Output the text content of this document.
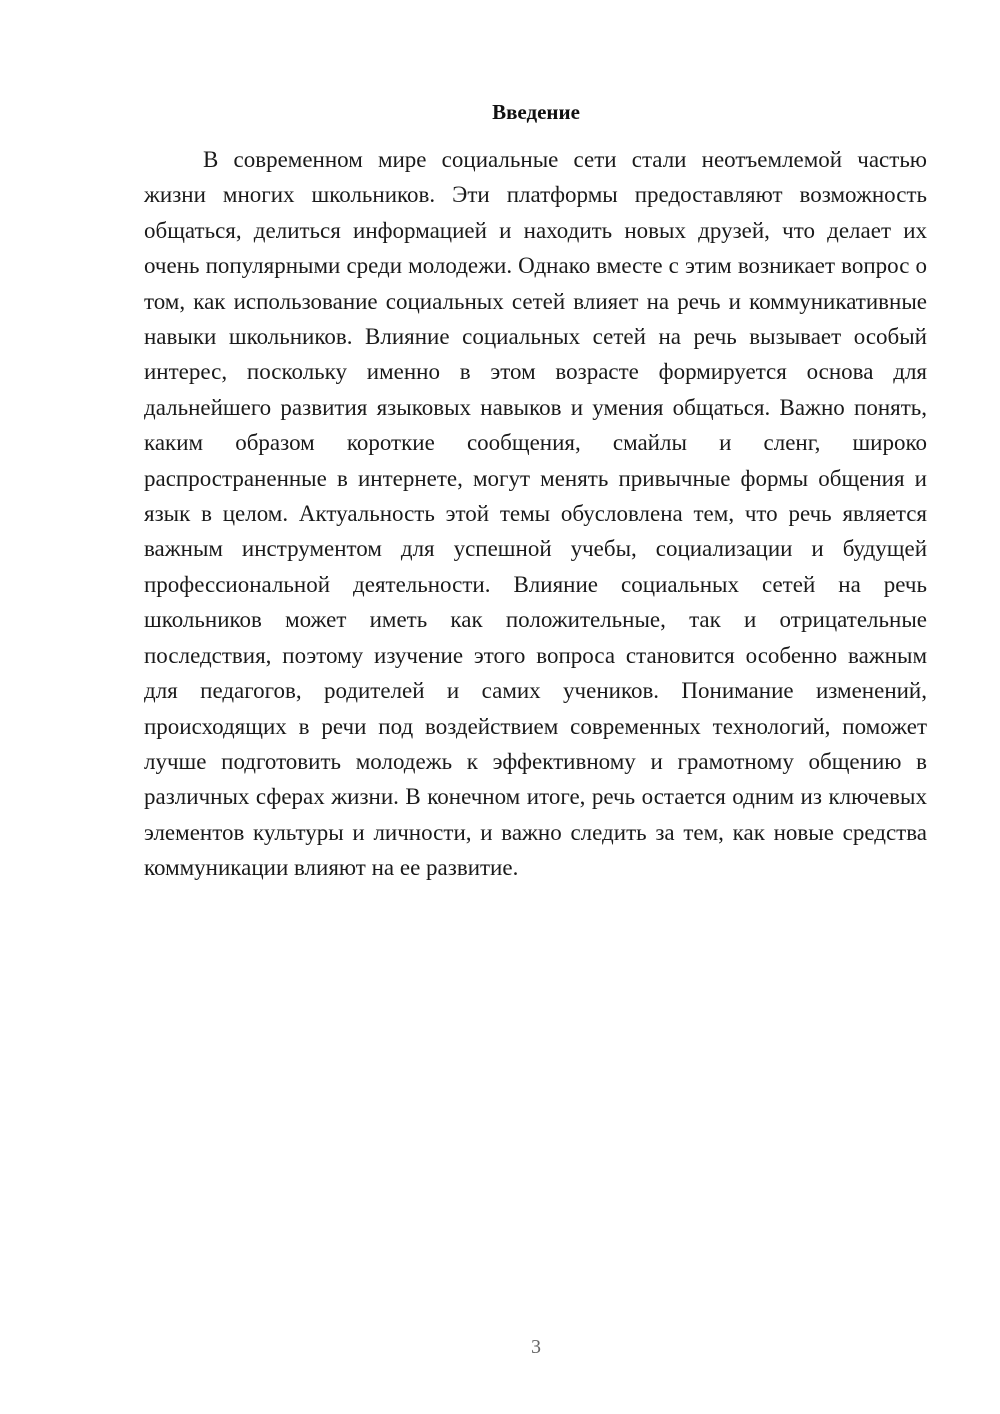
Введение

В современном мире социальные сети стали неотъемлемой частью жизни многих школьников. Эти платформы предоставляют возможность общаться, делиться информацией и находить новых друзей, что делает их очень популярными среди молодежи. Однако вместе с этим возникает вопрос о том, как использование социальных сетей влияет на речь и коммуникативные навыки школьников. Влияние социальных сетей на речь вызывает особый интерес, поскольку именно в этом возрасте формируется основа для дальнейшего развития языковых навыков и умения общаться. Важно понять, каким образом короткие сообщения, смайлы и сленг, широко распространенные в интернете, могут менять привычные формы общения и язык в целом. Актуальность этой темы обусловлена тем, что речь является важным инструментом для успешной учебы, социализации и будущей профессиональной деятельности. Влияние социальных сетей на речь школьников может иметь как положительные, так и отрицательные последствия, поэтому изучение этого вопроса становится особенно важным для педагогов, родителей и самих учеников. Понимание изменений, происходящих в речи под воздействием современных технологий, поможет лучше подготовить молодежь к эффективному и грамотному общению в различных сферах жизни. В конечном итоге, речь остается одним из ключевых элементов культуры и личности, и важно следить за тем, как новые средства коммуникации влияют на ее развитие.

3
